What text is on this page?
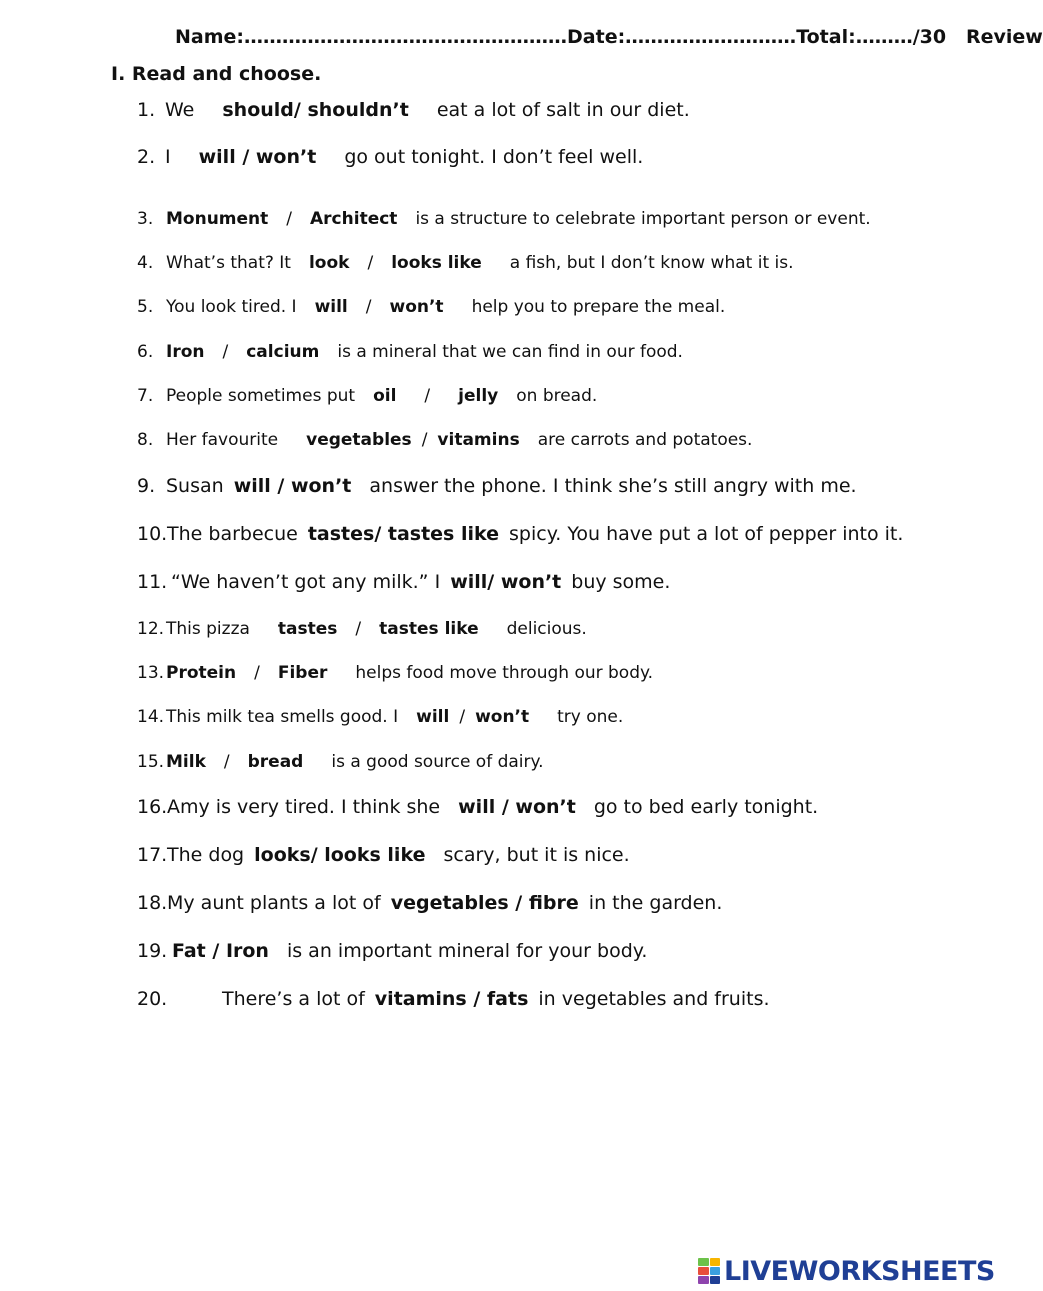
Name:……………………………………………Date:………………………Total:………/30 Review
I. Read and choose.
1. We should/ shouldn’t eat a lot of salt in our diet.
2. I will / won’t go out tonight. I don’t feel well.
3. Monument / Architect is a structure to celebrate important person or event.
4. What’s that? It look / looks like a fish, but I don’t know what it is.
5. You look tired. I will / won’t help you to prepare the meal.
6. Iron / calcium is a mineral that we can find in our food.
7. People sometimes put oil / jelly on bread.
8. Her favourite vegetables / vitamins are carrots and potatoes.
9. Susan will / won’t answer the phone. I think she’s still angry with me.
10.The barbecue tastes/ tastes like spicy. You have put a lot of pepper into it.
11. “We haven’t got any milk.” I will/ won’t buy some.
12. This pizza tastes / tastes like delicious.
13. Protein / Fiber helps food move through our body.
14. This milk tea smells good. I will / won’t try one.
15. Milk / bread is a good source of dairy.
16.Amy is very tired. I think she will / won’t go to bed early tonight.
17.The dog looks/ looks like scary, but it is nice.
18.My aunt plants a lot of vegetables / fibre in the garden.
19. Fat / Iron is an important mineral for your body.
20.	There’s a lot of vitamins / fats in vegetables and fruits.
LIVEWORKSHEETS
